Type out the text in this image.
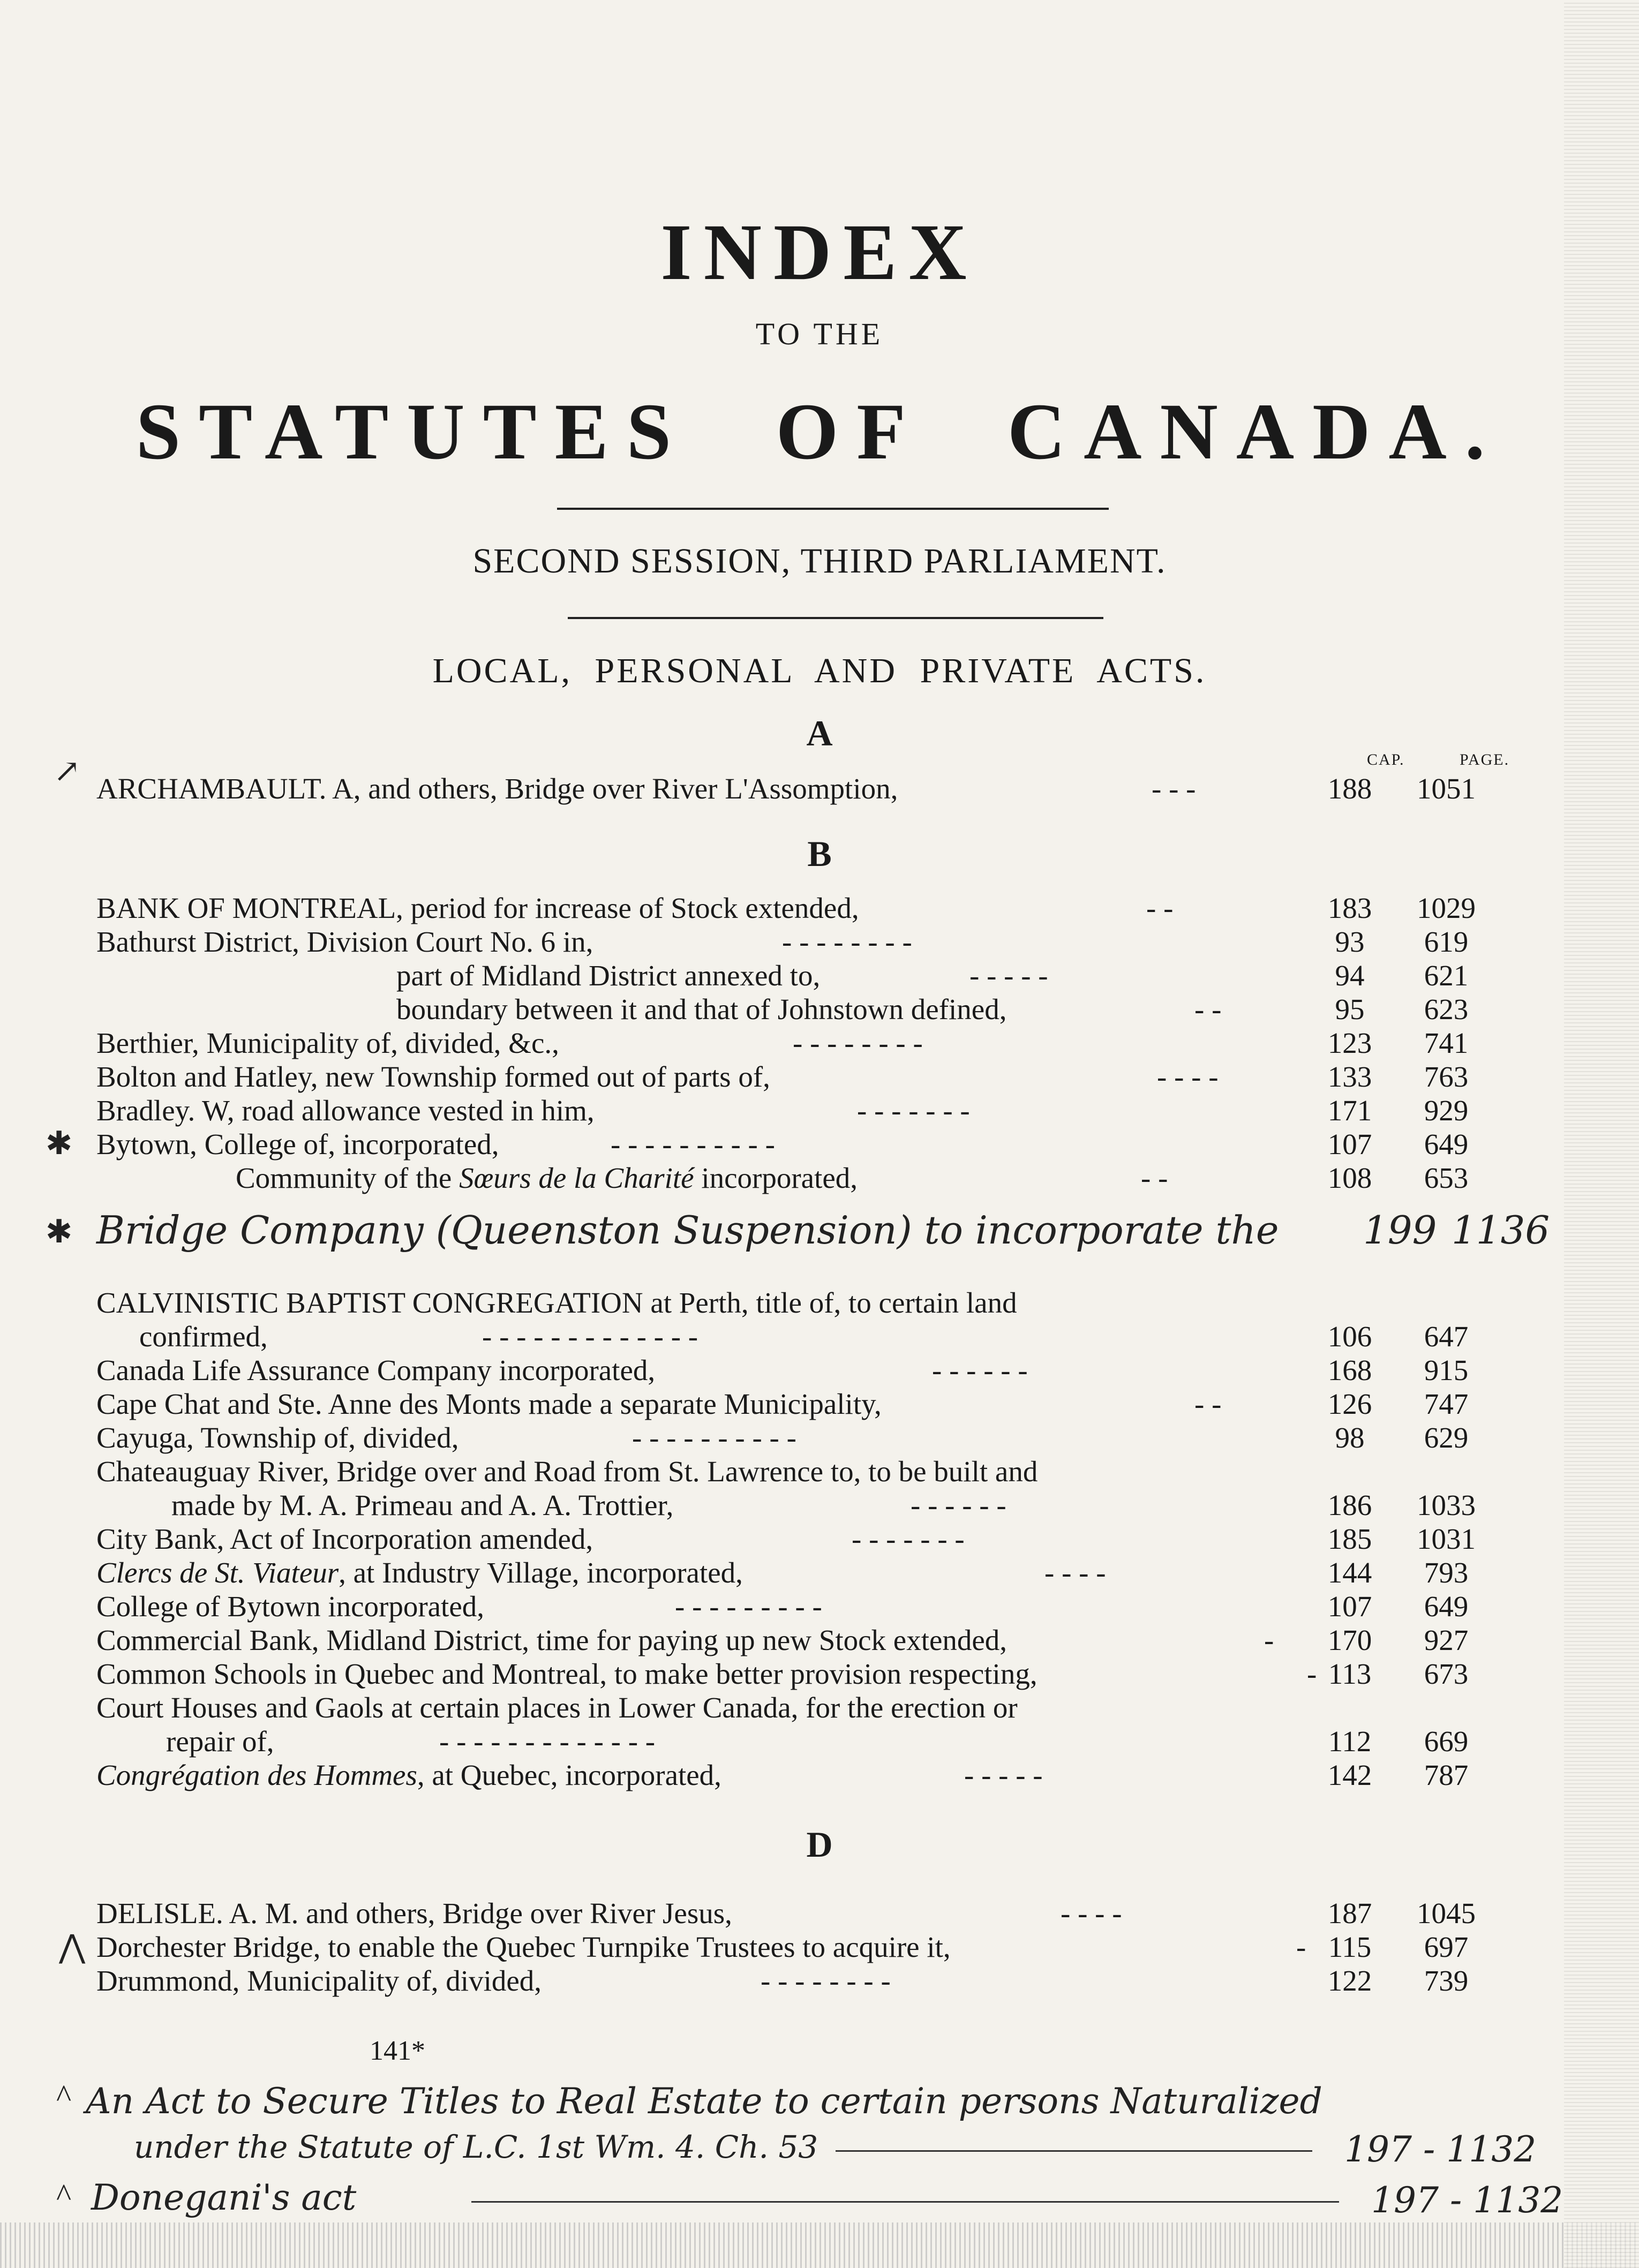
INDEX
TO THE
STATUTES OF CANADA.
SECOND SESSION, THIRD PARLIAMENT.
LOCAL, PERSONAL AND PRIVATE ACTS.
A
CAP.	PAGE.
↗ ARCHAMBAULT. A, and others, Bridge over River L'Assomption,	- - -	188	1051
B
BANK OF MONTREAL, period for increase of Stock extended,	- -	183	1029
Bathurst District, Division Court No. 6 in,	- - - - - - - -	93	619
part of Midland District annexed to,	- - - - -	94	621
boundary between it and that of Johnstown defined,	- -	95	623
Berthier, Municipality of, divided, &c.,	- - - - - - - -	123	741
Bolton and Hatley, new Township formed out of parts of,	- - - -	133	763
Bradley. W, road allowance vested in him,	- - - - - - -	171	929
✱ Bytown, College of, incorporated,	- - - - - - - - - -	107	649
Community of the Sœurs de la Charité incorporated,	- -	108	653
✱ Bridge Company (Queenston Suspension) to incorporate the 199 1136
CALVINISTIC BAPTIST CONGREGATION at Perth, title of, to certain land
confirmed,	- - - - - - - - - - - - -	106	647
Canada Life Assurance Company incorporated,	- - - - - -	168	915
Cape Chat and Ste. Anne des Monts made a separate Municipality,	- -	126	747
Cayuga, Township of, divided,	- - - - - - - - - -	98	629
Chateauguay River, Bridge over and Road from St. Lawrence to, to be built and
made by M. A. Primeau and A. A. Trottier,	- - - - - -	186	1033
City Bank, Act of Incorporation amended,	- - - - - - -	185	1031
Clercs de St. Viateur, at Industry Village, incorporated,	- - - -	144	793
College of Bytown incorporated,	- - - - - - - - -	107	649
Commercial Bank, Midland District, time for paying up new Stock extended,	-	170	927
Common Schools in Quebec and Montreal, to make better provision respecting,	- 113	673
Court Houses and Gaols at certain places in Lower Canada, for the erection or
repair of,	- - - - - - - - - - - - -	112	669
Congrégation des Hommes, at Quebec, incorporated,	- - - - -	142	787
D
DELISLE. A. M. and others, Bridge over River Jesus,	- - - -	187	1045
⋀ Dorchester Bridge, to enable the Quebec Turnpike Trustees to acquire it,	- 115	697
Drummond, Municipality of, divided,	- - - - - - - -	122	739
141*
^ An Act to Secure Titles to Real Estate to certain persons Naturalized
under the Statute of L.C. 1st Wm. 4. Ch. 53	197 - 1132
^ Donegani's act	197 - 1132
